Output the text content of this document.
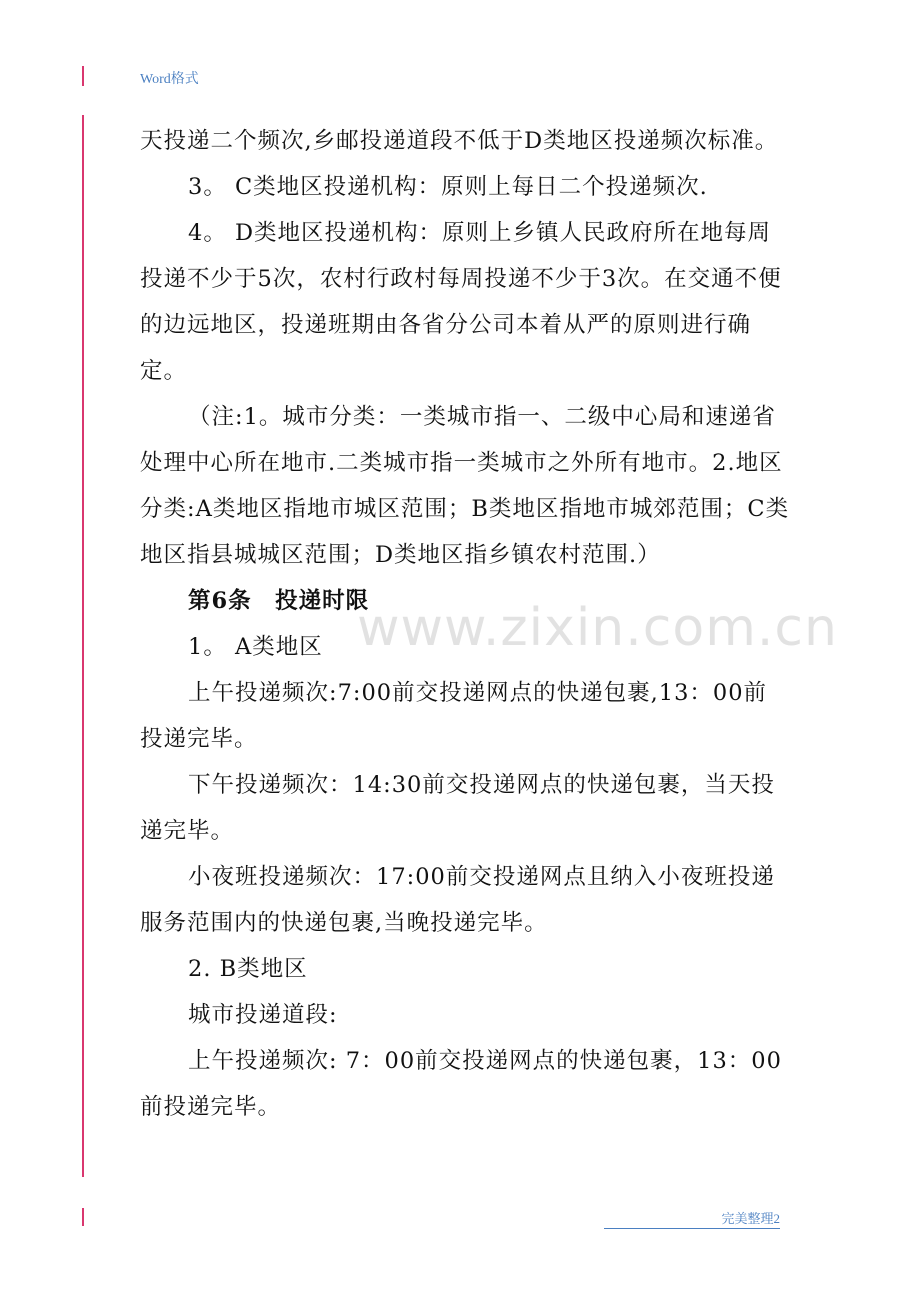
Word格式

天投递二个频次,乡邮投递道段不低于D类地区投递频次标准。

3。 C类地区投递机构：原则上每日二个投递频次.

4。 D类地区投递机构：原则上乡镇人民政府所在地每周投递不少于5次，农村行政村每周投递不少于3次。在交通不便的边远地区，投递班期由各省分公司本着从严的原则进行确定。

（注:1。城市分类：一类城市指一、二级中心局和速递省处理中心所在地市.二类城市指一类城市之外所有地市。2.地区分类:A类地区指地市城区范围；B类地区指地市城郊范围；C类地区指县城城区范围；D类地区指乡镇农村范围.）

第6条　投递时限

1。 A类地区

上午投递频次:7:00前交投递网点的快递包裹,13：00前投递完毕。

下午投递频次：14:30前交投递网点的快递包裹，当天投递完毕。

小夜班投递频次：17:00前交投递网点且纳入小夜班投递服务范围内的快递包裹,当晚投递完毕。

2. B类地区

城市投递道段:

上午投递频次: 7：00前交投递网点的快递包裹，13：00前投递完毕。

www.zixin.com.cn
完美整理2
